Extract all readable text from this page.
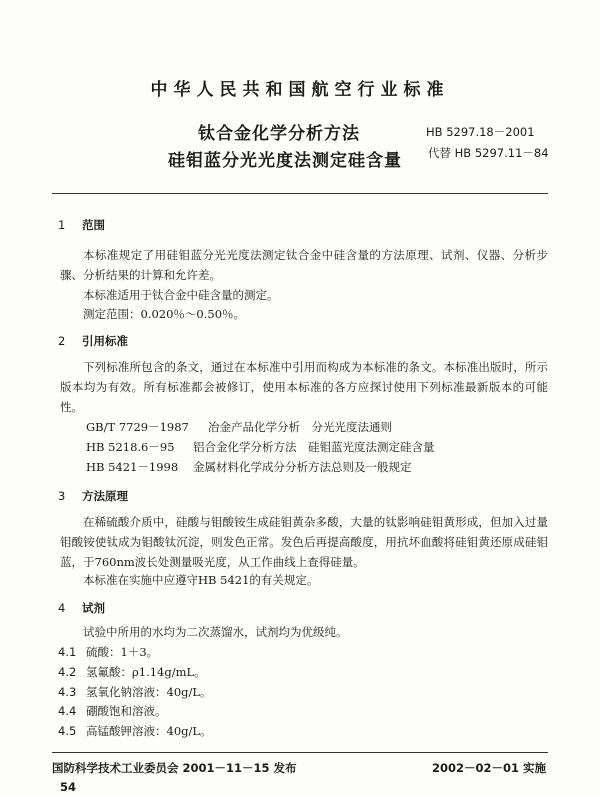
中华人民共和国航空行业标准
钛合金化学分析方法
硅钼蓝分光光度法测定硅含量
HB 5297.18－2001
代替 HB 5297.11－84
1 范围
本标准规定了用硅钼蓝分光光度法测定钛合金中硅含量的方法原理、试剂、仪器、分析步骤、分析结果的计算和允许差。
本标准适用于钛合金中硅含量的测定。
测定范围：0.020％～0.50％。
2 引用标准
下列标准所包含的条文，通过在本标准中引用而构成为本标准的条文。本标准出版时，所示版本均为有效。所有标准都会被修订，使用本标准的各方应探讨使用下列标准最新版本的可能性。
GB/T 7729－1987 冶金产品化学分析　分光光度法通则
HB 5218.6－95 铝合金化学分析方法　硅钼蓝光度法测定硅含量
HB 5421－1998 金属材料化学成分分析方法总则及一般规定
3 方法原理
在稀硫酸介质中，硅酸与钼酸铵生成硅钼黄杂多酸，大量的钛影响硅钼黄形成，但加入过量钼酸铵使钛成为钼酸钛沉淀，则发色正常。发色后再提高酸度，用抗坏血酸将硅钼黄还原成硅钼蓝，于760nm波长处测量吸光度，从工作曲线上查得硅量。
本标准在实施中应遵守HB 5421的有关规定。
4 试剂
试验中所用的水均为二次蒸馏水，试剂均为优级纯。
4.1 硫酸：1＋3。
4.2 氢氟酸：ρ1.14g/mL。
4.3 氢氧化钠溶液：40g/L。
4.4 硼酸饱和溶液。
4.5 高锰酸钾溶液：40g/L。
国防科学技术工业委员会 2001－11－15 发布	2002－02－01 实施
54
